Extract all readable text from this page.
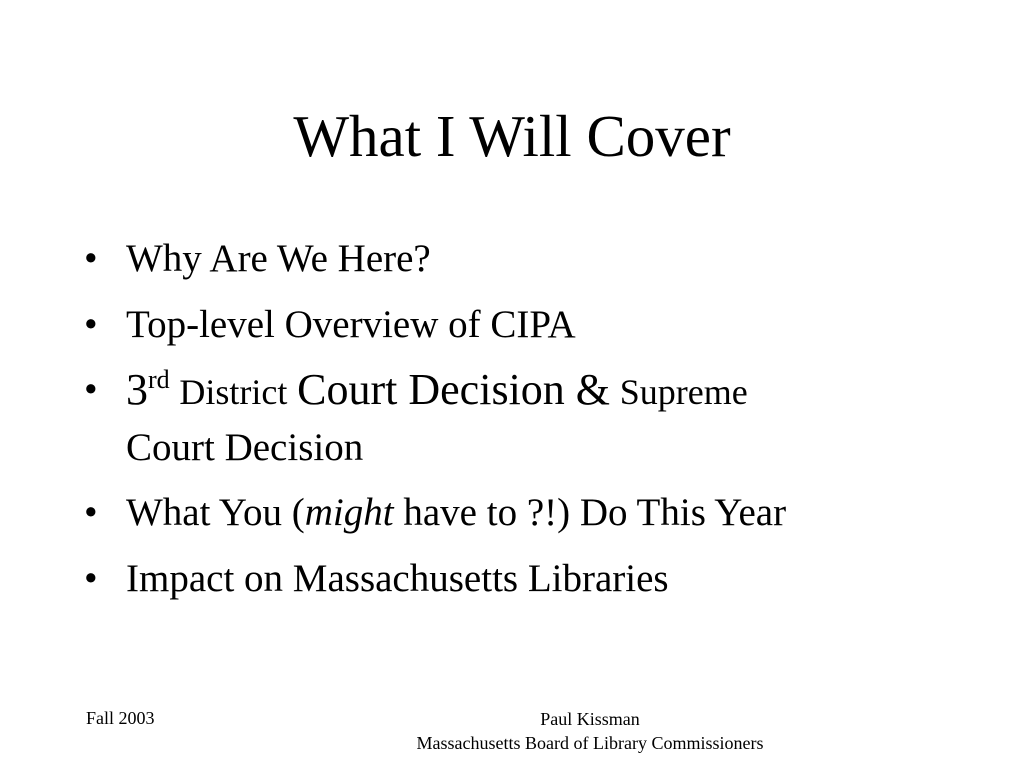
What I Will Cover
• Why Are We Here?
• Top-level Overview of CIPA
• 3rd District Court Decision & Supreme
Court Decision
• What You (might have to ?!) Do This Year
• Impact on Massachusetts Libraries
Fall 2003	Paul Kissman
Massachusetts Board of Library Commissioners
